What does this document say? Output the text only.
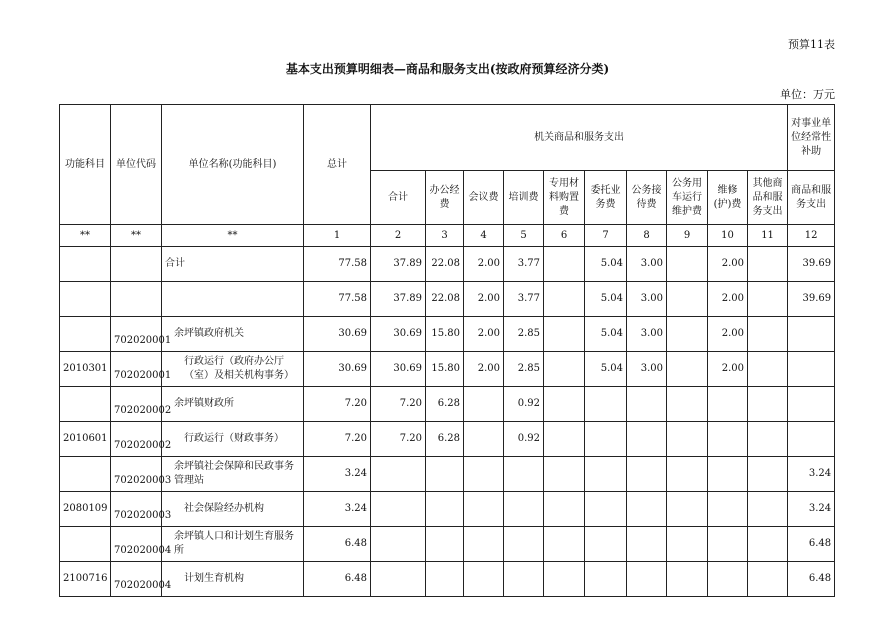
预算11表
基本支出预算明细表—商品和服务支出(按政府预算经济分类)
单位：万元
功能科目	单位代码	单位名称(功能科目)	总计	机关商品和服务支出										对事业单位经常性补助
				合计	办公经费	会议费	培训费	专用材料购置费	委托业务费	公务接待费	公务用车运行维护费	维修(护)费	其他商品和服务支出	商品和服务支出
**	**	**	1	2	3	4	5	6	7	8	9	10	11	12
		合计	77.58	37.89	22.08	2.00	3.77		5.04	3.00		2.00		39.69
			77.58	37.89	22.08	2.00	3.77		5.04	3.00		2.00		39.69
	702020001	余坪镇政府机关	30.69	30.69	15.80	2.00	2.85		5.04	3.00		2.00		
2010301	702020001	行政运行（政府办公厅（室）及相关机构事务）	30.69	30.69	15.80	2.00	2.85		5.04	3.00		2.00		
	702020002	余坪镇财政所	7.20	7.20	6.28		0.92							
2010601	702020002	行政运行（财政事务）	7.20	7.20	6.28		0.92							
	702020003	余坪镇社会保障和民政事务管理站	3.24											3.24
2080109	702020003	社会保险经办机构	3.24											3.24
	702020004	余坪镇人口和计划生育服务所	6.48											6.48
2100716	702020004	计划生育机构	6.48											6.48
